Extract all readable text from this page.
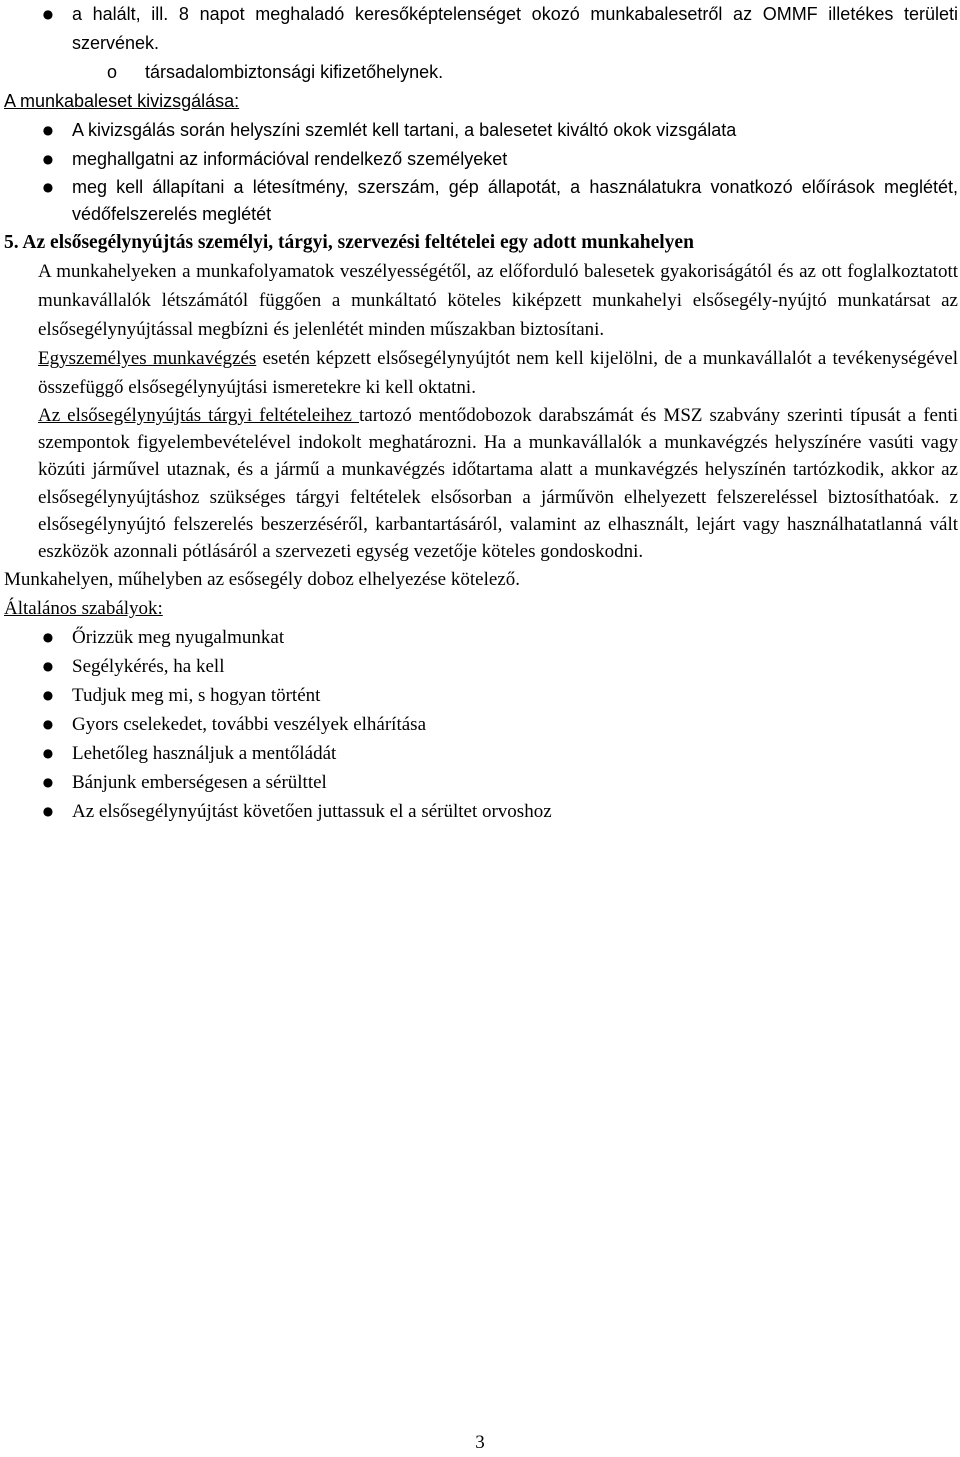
●	a halált, ill. 8 napot meghaladó keresőképtelenséget okozó munkabalesetről az OMMF illetékes területi szervének.
o társadalombiztonsági kifizetőhelynek.
A munkabaleset kivizsgálása:
●	A kivizsgálás során helyszíni szemlét kell tartani, a balesetet kiváltó okok vizsgálata
●	meghallgatni az információval rendelkező személyeket
●	meg kell állapítani a létesítmény, szerszám, gép állapotát, a használatukra vonatkozó előírások meglétét, védőfelszerelés meglétét
5. Az elsősegélynyújtás személyi, tárgyi, szervezési feltételei egy adott munkahelyen
A munkahelyeken a munkafolyamatok veszélyességétől, az előforduló balesetek gyakoriságától és az ott foglalkoztatott munkavállalók létszámától függően a munkáltató köteles kiképzett munkahelyi elsősegély-nyújtó munkatársat az elsősegélynyújtással megbízni és jelenlétét minden műszakban biztosítani.
Egyszemélyes munkavégzés esetén képzett elsősegélynyújtót nem kell kijelölni, de a munkavállalót a tevékenységével összefüggő elsősegélynyújtási ismeretekre ki kell oktatni.
Az elsősegélynyújtás tárgyi feltételeihez tartozó mentődobozok darabszámát és MSZ szabvány szerinti típusát a fenti szempontok figyelembevételével indokolt meghatározni. Ha a munkavállalók a munkavégzés helyszínére vasúti vagy közúti járművel utaznak, és a jármű a munkavégzés időtartama alatt a munkavégzés helyszínén tartózkodik, akkor az elsősegélynyújtáshoz szükséges tárgyi feltételek elsősorban a járművön elhelyezett felszereléssel biztosíthatóak. z elsősegélynyújtó felszerelés beszerzéséről, karbantartásáról, valamint az elhasznált, lejárt vagy használhatatlanná vált eszközök azonnali pótlásáról a szervezeti egység vezetője köteles gondoskodni.
Munkahelyen, műhelyben az esősegély doboz elhelyezése kötelező.
Általános szabályok:
● Őrizzük meg nyugalmunkat
● Segélykérés, ha kell
● Tudjuk meg mi, s hogyan történt
● Gyors cselekedet, további veszélyek elhárítása
● Lehetőleg használjuk a mentőládát
● Bánjunk emberségesen a sérülttel
● Az elsősegélynyújtást követően juttassuk el a sérültet orvoshoz
3
